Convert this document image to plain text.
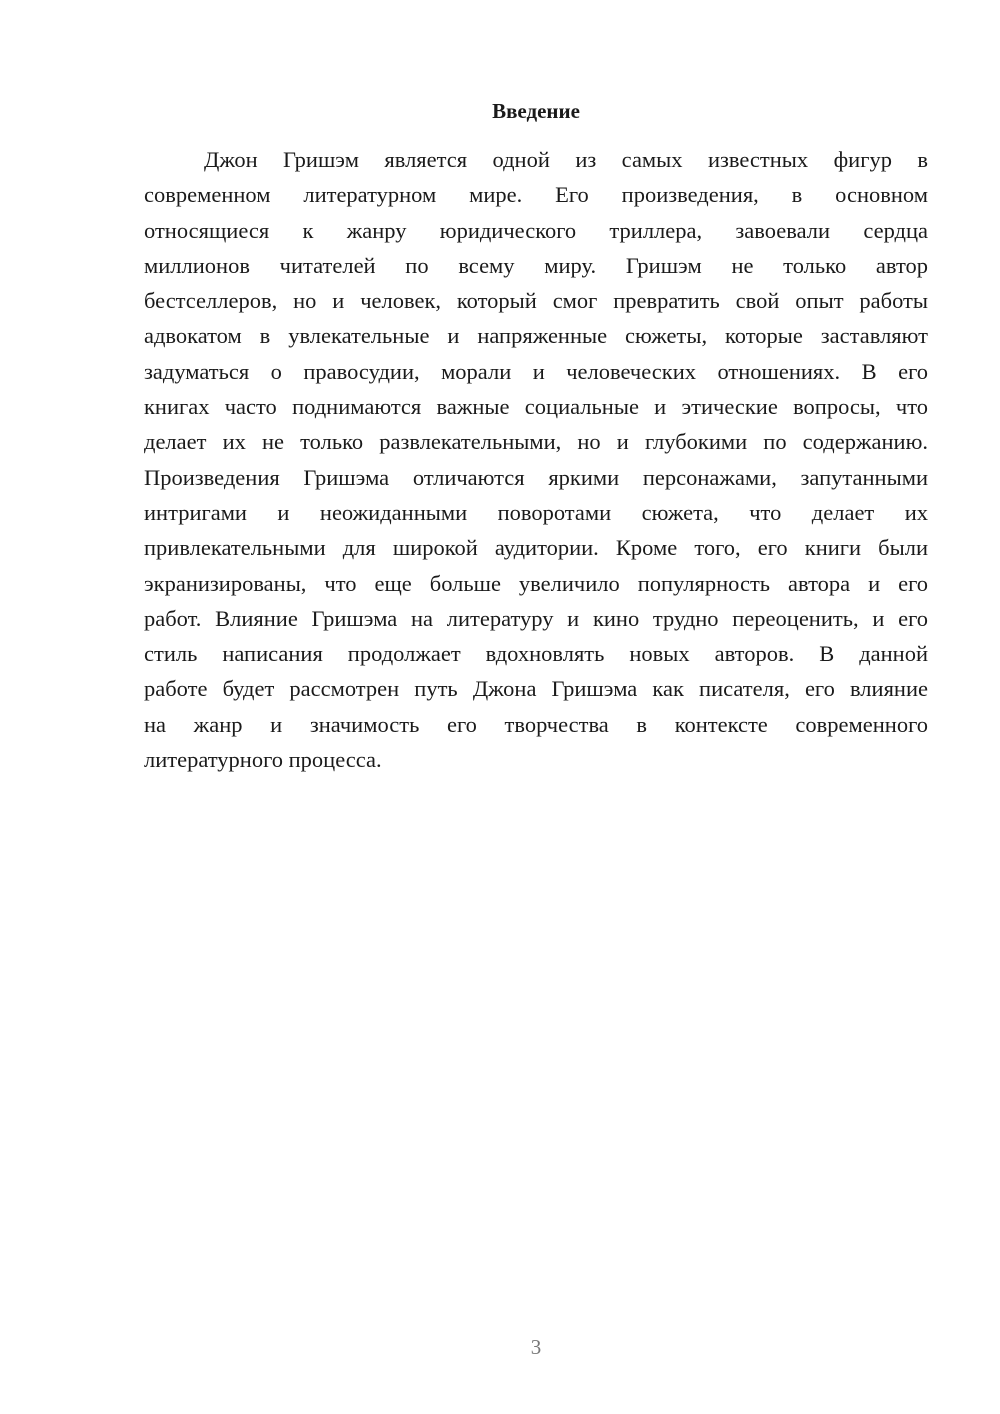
Введение
Джон Гришэм является одной из самых известных фигур в
современном литературном мире. Его произведения, в основном
относящиеся к жанру юридического триллера, завоевали сердца
миллионов читателей по всему миру. Гришэм не только автор
бестселлеров, но и человек, который смог превратить свой опыт работы
адвокатом в увлекательные и напряженные сюжеты, которые заставляют
задуматься о правосудии, морали и человеческих отношениях. В его
книгах часто поднимаются важные социальные и этические вопросы, что
делает их не только развлекательными, но и глубокими по содержанию.
Произведения Гришэма отличаются яркими персонажами, запутанными
интригами и неожиданными поворотами сюжета, что делает их
привлекательными для широкой аудитории. Кроме того, его книги были
экранизированы, что еще больше увеличило популярность автора и его
работ. Влияние Гришэма на литературу и кино трудно переоценить, и его
стиль написания продолжает вдохновлять новых авторов. В данной
работе будет рассмотрен путь Джона Гришэма как писателя, его влияние
на жанр и значимость его творчества в контексте современного
литературного процесса.
3
